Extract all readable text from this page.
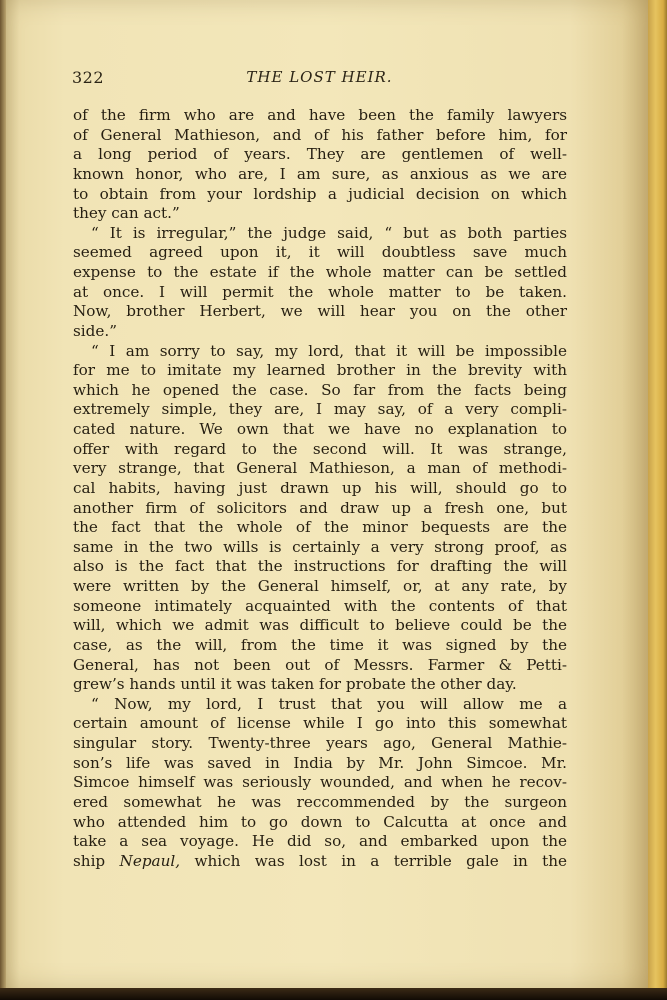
322	THE LOST HEIR.
of the firm who are and have been the family lawyers
of General Mathieson, and of his father before him, for
a long period of years. They are gentlemen of well-
known honor, who are, I am sure, as anxious as we are
to obtain from your lordship a judicial decision on which
they can act.”
“ It is irregular,” the judge said, “ but as both parties
seemed agreed upon it, it will doubtless save much
expense to the estate if the whole matter can be settled
at once. I will permit the whole matter to be taken.
Now, brother Herbert, we will hear you on the other
side.”
“ I am sorry to say, my lord, that it will be impossible
for me to imitate my learned brother in the brevity with
which he opened the case. So far from the facts being
extremely simple, they are, I may say, of a very compli-
cated nature. We own that we have no explanation to
offer with regard to the second will. It was strange,
very strange, that General Mathieson, a man of methodi-
cal habits, having just drawn up his will, should go to
another firm of solicitors and draw up a fresh one, but
the fact that the whole of the minor bequests are the
same in the two wills is certainly a very strong proof, as
also is the fact that the instructions for drafting the will
were written by the General himself, or, at any rate, by
someone intimately acquainted with the contents of that
will, which we admit was difficult to believe could be the
case, as the will, from the time it was signed by the
General, has not been out of Messrs. Farmer & Petti-
grew’s hands until it was taken for probate the other day.
“ Now, my lord, I trust that you will allow me a
certain amount of license while I go into this somewhat
singular story. Twenty-three years ago, General Mathie-
son’s life was saved in India by Mr. John Simcoe. Mr.
Simcoe himself was seriously wounded, and when he recov-
ered somewhat he was reccommended by the surgeon
who attended him to go down to Calcutta at once and
take a sea voyage. He did so, and embarked upon the
ship Nepaul, which was lost in a terrible gale in the
